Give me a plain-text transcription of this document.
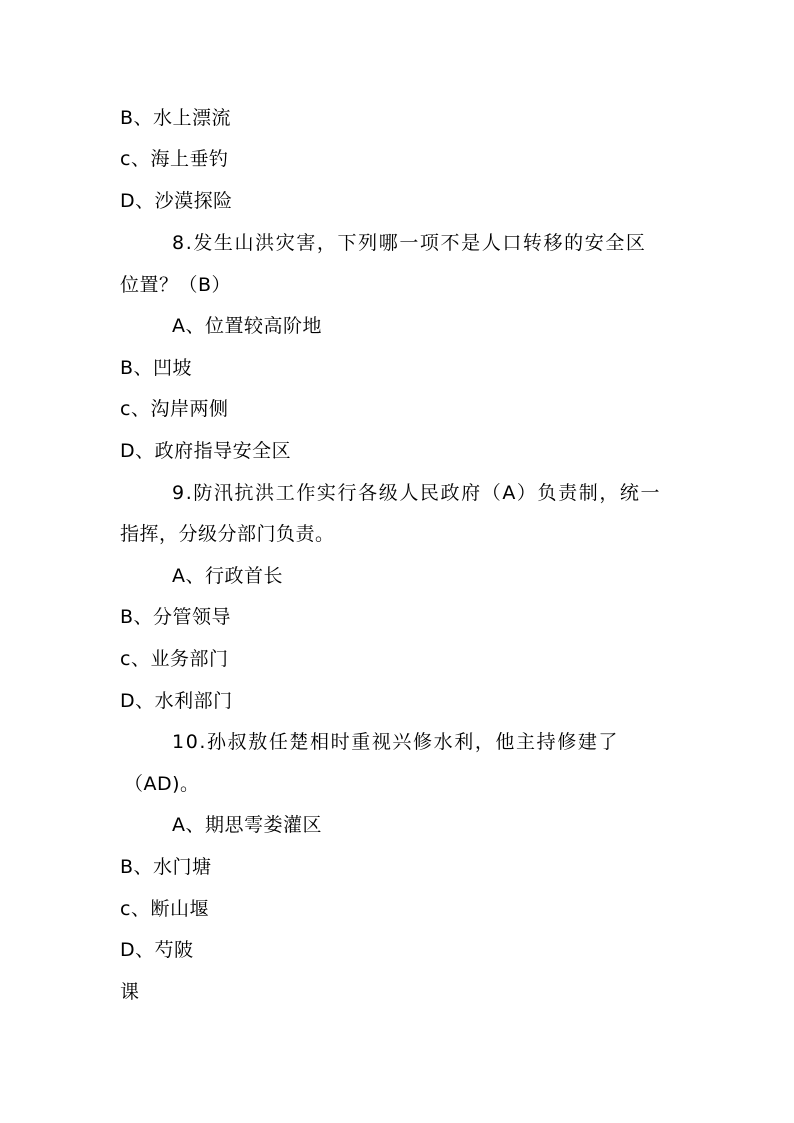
B、水上漂流
c、海上垂钓
D、沙漠探险
8.发生山洪灾害，下列哪一项不是人口转移的安全区
位置？（B）
A、位置较高阶地
B、凹坡
c、沟岸两侧
D、政府指导安全区
9.防汛抗洪工作实行各级人民政府（A）负责制，统一
指挥，分级分部门负责。
A、行政首长
B、分管领导
c、业务部门
D、水利部门
10.孙叔敖任楚相时重视兴修水利，他主持修建了
（AD)。
A、期思雩娄灌区
B、水门塘
c、断山堰
D、芍陂
课
